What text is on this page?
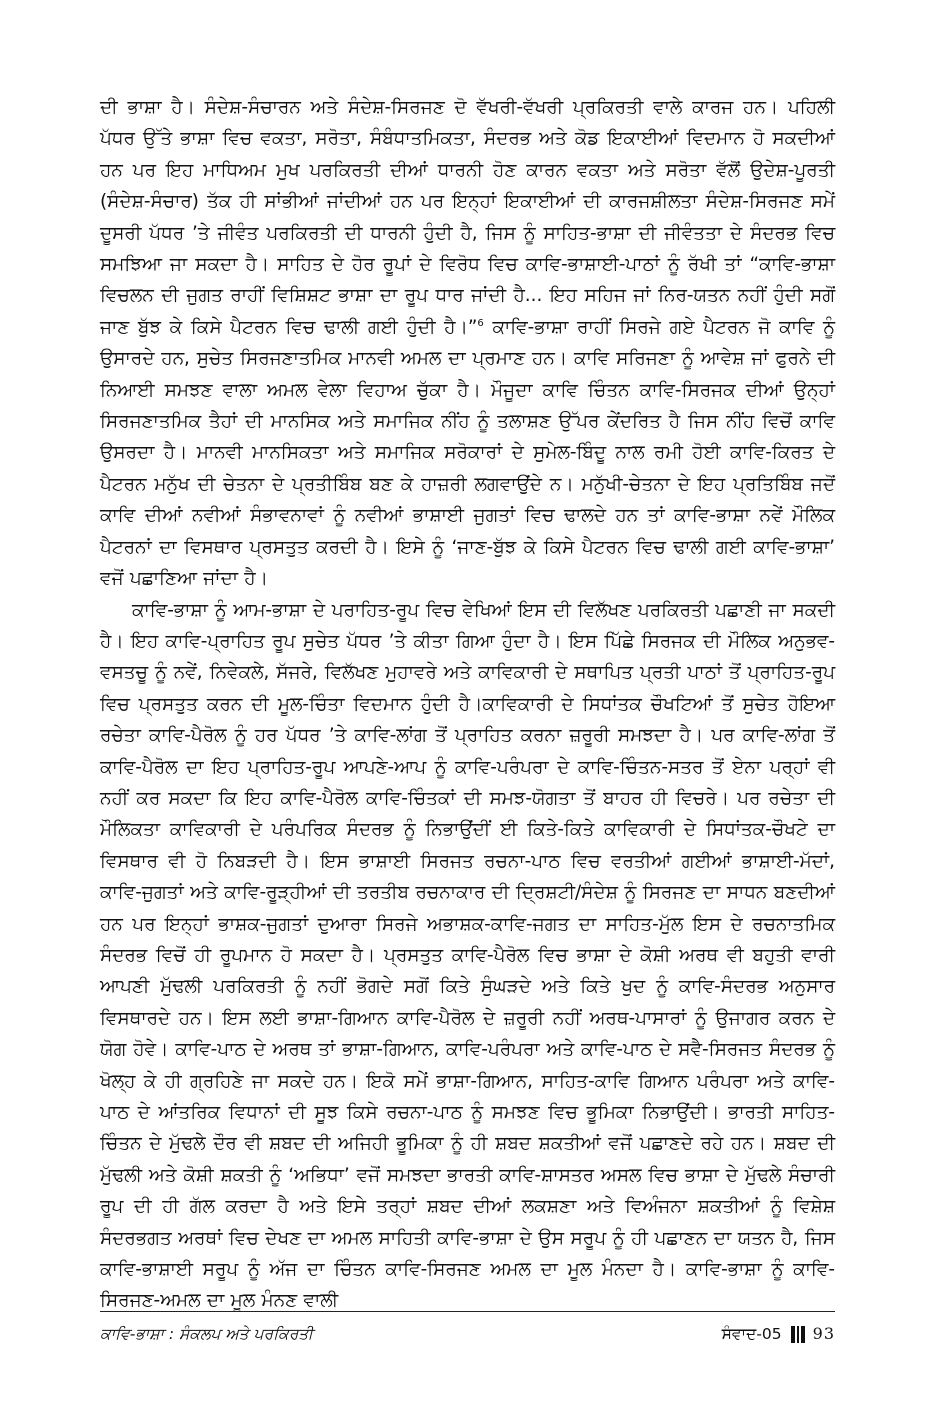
ਦੀ ਭਾਸ਼ਾ ਹੈ। ਸੰਦੇਸ਼-ਸੰਚਾਰਨ ਅਤੇ ਸੰਦੇਸ਼-ਸਿਰਜਣ ਦੋ ਵੱਖਰੀ-ਵੱਖਰੀ ਪ੍ਰਕਿਰਤੀ ਵਾਲੇ ਕਾਰਜ ਹਨ। ਪਹਿਲੀ ਪੱਧਰ ਉੱਤੇ ਭਾਸ਼ਾ ਵਿਚ ਵਕਤਾ, ਸਰੋਤਾ, ਸੰਬੰਧਾਤਮਿਕਤਾ, ਸੰਦਰਭ ਅਤੇ ਕੋਡ ਇਕਾਈਆਂ ਵਿਦਮਾਨ ਹੋ ਸਕਦੀਆਂ ਹਨ ਪਰ ਇਹ ਮਾਧਿਅਮ ਮੁਖ ਪਰਕਿਰਤੀ ਦੀਆਂ ਧਾਰਨੀ ਹੋਣ ਕਾਰਨ ਵਕਤਾ ਅਤੇ ਸਰੋਤਾ ਵੱਲੋਂ ਉਦੇਸ਼-ਪੂਰਤੀ (ਸੰਦੇਸ਼-ਸੰਚਾਰ) ਤੱਕ ਹੀ ਸਾਂਭੀਆਂ ਜਾਂਦੀਆਂ ਹਨ ਪਰ ਇਨ੍ਹਾਂ ਇਕਾਈਆਂ ਦੀ ਕਾਰਜਸ਼ੀਲਤਾ ਸੰਦੇਸ਼-ਸਿਰਜਣ ਸਮੇਂ ਦੂਸਰੀ ਪੱਧਰ ’ਤੇ ਜੀਵੰਤ ਪਰਕਿਰਤੀ ਦੀ ਧਾਰਨੀ ਹੁੰਦੀ ਹੈ, ਜਿਸ ਨੂੰ ਸਾਹਿਤ-ਭਾਸ਼ਾ ਦੀ ਜੀਵੰਤਤਾ ਦੇ ਸੰਦਰਭ ਵਿਚ ਸਮਝਿਆ ਜਾ ਸਕਦਾ ਹੈ। ਸਾਹਿਤ ਦੇ ਹੋਰ ਰੂਪਾਂ ਦੇ ਵਿਰੋਧ ਵਿਚ ਕਾਵਿ-ਭਾਸ਼ਾਈ-ਪਾਠਾਂ ਨੂੰ ਰੱਖੀ ਤਾਂ “ਕਾਵਿ-ਭਾਸ਼ਾ ਵਿਚਲਨ ਦੀ ਜੁਗਤ ਰਾਹੀਂ ਵਿਸ਼ਿਸ਼ਟ ਭਾਸ਼ਾ ਦਾ ਰੂਪ ਧਾਰ ਜਾਂਦੀ ਹੈ... ਇਹ ਸਹਿਜ ਜਾਂ ਨਿਰ-ਯਤਨ ਨਹੀਂ ਹੁੰਦੀ ਸਗੋਂ ਜਾਣ ਬੁੱਝ ਕੇ ਕਿਸੇ ਪੈਟਰਨ ਵਿਚ ਢਾਲੀ ਗਈ ਹੁੰਦੀ ਹੈ।”$^6$ ਕਾਵਿ-ਭਾਸ਼ਾ ਰਾਹੀਂ ਸਿਰਜੇ ਗਏ ਪੈਟਰਨ ਜੋ ਕਾਵਿ ਨੂੰ ਉਸਾਰਦੇ ਹਨ, ਸੁਚੇਤ ਸਿਰਜਣਾਤਮਿਕ ਮਾਨਵੀ ਅਮਲ ਦਾ ਪ੍ਰਮਾਣ ਹਨ। ਕਾਵਿ ਸਰਿਜਣਾ ਨੂੰ ਆਵੇਸ਼ ਜਾਂ ਫੁਰਨੇ ਦੀ ਨਿਆਈ ਸਮਝਣ ਵਾਲਾ ਅਮਲ ਵੇਲਾ ਵਿਹਾਅ ਚੁੱਕਾ ਹੈ। ਮੌਜੂਦਾ ਕਾਵਿ ਚਿੰਤਨ ਕਾਵਿ-ਸਿਰਜਕ ਦੀਆਂ ਉਨ੍ਹਾਂ ਸਿਰਜਣਾਤਮਿਕ ਤੈਹਾਂ ਦੀ ਮਾਨਸਿਕ ਅਤੇ ਸਮਾਜਿਕ ਨੀਂਹ ਨੂੰ ਤਲਾਸ਼ਣ ਉੱਪਰ ਕੇਂਦਰਿਤ ਹੈ ਜਿਸ ਨੀਂਹ ਵਿਚੋਂ ਕਾਵਿ ਉਸਰਦਾ ਹੈ। ਮਾਨਵੀ ਮਾਨਸਿਕਤਾ ਅਤੇ ਸਮਾਜਿਕ ਸਰੋਕਾਰਾਂ ਦੇ ਸੁਮੇਲ-ਬਿੰਦੂ ਨਾਲ ਰਮੀ ਹੋਈ ਕਾਵਿ-ਕਿਰਤ ਦੇ ਪੈਟਰਨ ਮਨੁੱਖ ਦੀ ਚੇਤਨਾ ਦੇ ਪ੍ਰਤੀਬਿੰਬ ਬਣ ਕੇ ਹਾਜ਼ਰੀ ਲਗਵਾਉਂਦੇ ਨ। ਮਨੁੱਖੀ-ਚੇਤਨਾ ਦੇ ਇਹ ਪ੍ਰਤਿਬਿੰਬ ਜਦੋਂ ਕਾਵਿ ਦੀਆਂ ਨਵੀਆਂ ਸੰਭਾਵਨਾਵਾਂ ਨੂੰ ਨਵੀਆਂ ਭਾਸ਼ਾਈ ਜੁਗਤਾਂ ਵਿਚ ਢਾਲਦੇ ਹਨ ਤਾਂ ਕਾਵਿ-ਭਾਸ਼ਾ ਨਵੇਂ ਮੌਲਿਕ ਪੈਟਰਨਾਂ ਦਾ ਵਿਸਥਾਰ ਪ੍ਰਸਤੁਤ ਕਰਦੀ ਹੈ। ਇਸੇ ਨੂੰ ‘ਜਾਣ-ਬੁੱਝ ਕੇ ਕਿਸੇ ਪੈਟਰਨ ਵਿਚ ਢਾਲੀ ਗਈ ਕਾਵਿ-ਭਾਸ਼ਾ’ ਵਜੋਂ ਪਛਾਣਿਆ ਜਾਂਦਾ ਹੈ।

ਕਾਵਿ-ਭਾਸ਼ਾ ਨੂੰ ਆਮ-ਭਾਸ਼ਾ ਦੇ ਪਰਾਹਿਤ-ਰੂਪ ਵਿਚ ਵੇਖਿਆਂ ਇਸ ਦੀ ਵਿਲੱਖਣ ਪਰਕਿਰਤੀ ਪਛਾਣੀ ਜਾ ਸਕਦੀ ਹੈ। ਇਹ ਕਾਵਿ-ਪ੍ਰਾਹਿਤ ਰੂਪ ਸੁਚੇਤ ਪੱਧਰ ’ਤੇ ਕੀਤਾ ਗਿਆ ਹੁੰਦਾ ਹੈ। ਇਸ ਪਿੱਛੇ ਸਿਰਜਕ ਦੀ ਮੌਲਿਕ ਅਨੁਭਵ-ਵਸਤਚੂ ਨੂੰ ਨਵੇਂ, ਨਿਵੇਕਲੇ, ਸੱਜਰੇ, ਵਿਲੱਖਣ ਮੁਹਾਵਰੇ ਅਤੇ ਕਾਵਿਕਾਰੀ ਦੇ ਸਥਾਪਿਤ ਪ੍ਰਤੀ ਪਾਠਾਂ ਤੋਂ ਪ੍ਰਾਹਿਤ-ਰੂਪ ਵਿਚ ਪ੍ਰਸਤੁਤ ਕਰਨ ਦੀ ਮੂਲ-ਚਿੰਤਾ ਵਿਦਮਾਨ ਹੁੰਦੀ ਹੈ।ਕਾਵਿਕਾਰੀ ਦੇ ਸਿਧਾਂਤਕ ਚੌਖਟਿਆਂ ਤੋਂ ਸੁਚੇਤ ਹੋਇਆ ਰਚੇਤਾ ਕਾਵਿ-ਪੈਰੋਲ ਨੂੰ ਹਰ ਪੱਧਰ ’ਤੇ ਕਾਵਿ-ਲਾਂਗ ਤੋਂ ਪ੍ਰਾਹਿਤ ਕਰਨਾ ਜ਼ਰੂਰੀ ਸਮਝਦਾ ਹੈ। ਪਰ ਕਾਵਿ-ਲਾਂਗ ਤੋਂ ਕਾਵਿ-ਪੈਰੋਲ ਦਾ ਇਹ ਪ੍ਰਾਹਿਤ-ਰੂਪ ਆਪਣੇ-ਆਪ ਨੂੰ ਕਾਵਿ-ਪਰੰਪਰਾ ਦੇ ਕਾਵਿ-ਚਿੰਤਨ-ਸਤਰ ਤੋਂ ਏਨਾ ਪਰ੍ਹਾਂ ਵੀ ਨਹੀਂ ਕਰ ਸਕਦਾ ਕਿ ਇਹ ਕਾਵਿ-ਪੈਰੋਲ ਕਾਵਿ-ਚਿੰਤਕਾਂ ਦੀ ਸਮਝ-ਯੋਗਤਾ ਤੋਂ ਬਾਹਰ ਹੀ ਵਿਚਰੇ। ਪਰ ਰਚੇਤਾ ਦੀ ਮੌਲਿਕਤਾ ਕਾਵਿਕਾਰੀ ਦੇ ਪਰੰਪਰਿਕ ਸੰਦਰਭ ਨੂੰ ਨਿਭਾਉਂਦੀਂ ਈ ਕਿਤੇ-ਕਿਤੇ ਕਾਵਿਕਾਰੀ ਦੇ ਸਿਧਾਂਤਕ-ਚੌਖਟੇ ਦਾ ਵਿਸਥਾਰ ਵੀ ਹੋ ਨਿਬੜਦੀ ਹੈ। ਇਸ ਭਾਸ਼ਾਈ ਸਿਰਜਤ ਰਚਨਾ-ਪਾਠ ਵਿਚ ਵਰਤੀਆਂ ਗਈਆਂ ਭਾਸ਼ਾਈ-ਮੱਦਾਂ, ਕਾਵਿ-ਜੁਗਤਾਂ ਅਤੇ ਕਾਵਿ-ਰੂੜ੍ਹੀਆਂ ਦੀ ਤਰਤੀਬ ਰਚਨਾਕਾਰ ਦੀ ਦ੍ਰਿਸ਼ਟੀ/ਸੰਦੇਸ਼ ਨੂੰ ਸਿਰਜਣ ਦਾ ਸਾਧਨ ਬਣਦੀਆਂ ਹਨ ਪਰ ਇਨ੍ਹਾਂ ਭਾਸ਼ਕ-ਜੁਗਤਾਂ ਦੁਆਰਾ ਸਿਰਜੇ ਅਭਾਸ਼ਕ-ਕਾਵਿ-ਜਗਤ ਦਾ ਸਾਹਿਤ-ਮੁੱਲ ਇਸ ਦੇ ਰਚਨਾਤਮਿਕ ਸੰਦਰਭ ਵਿਚੋਂ ਹੀ ਰੂਪਮਾਨ ਹੋ ਸਕਦਾ ਹੈ। ਪ੍ਰਸਤੁਤ ਕਾਵਿ-ਪੈਰੋਲ ਵਿਚ ਭਾਸ਼ਾ ਦੇ ਕੋਸ਼ੀ ਅਰਥ ਵੀ ਬਹੁਤੀ ਵਾਰੀ ਆਪਣੀ ਮੁੱਢਲੀ ਪਰਕਿਰਤੀ ਨੂੰ ਨਹੀਂ ਭੋਗਦੇ ਸਗੋਂ ਕਿਤੇ ਸੁੰਘੜਦੇ ਅਤੇ ਕਿਤੇ ਖੁਦ ਨੂੰ ਕਾਵਿ-ਸੰਦਰਭ ਅਨੁਸਾਰ ਵਿਸਥਾਰਦੇ ਹਨ। ਇਸ ਲਈ ਭਾਸ਼ਾ-ਗਿਆਨ ਕਾਵਿ-ਪੈਰੋਲ ਦੇ ਜ਼ਰੂਰੀ ਨਹੀਂ ਅਰਥ-ਪਾਸਾਰਾਂ ਨੂੰ ਉਜਾਗਰ ਕਰਨ ਦੇ ਯੋਗ ਹੋਵੇ। ਕਾਵਿ-ਪਾਠ ਦੇ ਅਰਥ ਤਾਂ ਭਾਸ਼ਾ-ਗਿਆਨ, ਕਾਵਿ-ਪਰੰਪਰਾ ਅਤੇ ਕਾਵਿ-ਪਾਠ ਦੇ ਸਵੈ-ਸਿਰਜਤ ਸੰਦਰਭ ਨੂੰ ਖੋਲ੍ਹ ਕੇ ਹੀ ਗ੍ਰਹਿਣੇ ਜਾ ਸਕਦੇ ਹਨ। ਇਕੋ ਸਮੇਂ ਭਾਸ਼ਾ-ਗਿਆਨ, ਸਾਹਿਤ-ਕਾਵਿ ਗਿਆਨ ਪਰੰਪਰਾ ਅਤੇ ਕਾਵਿ-ਪਾਠ ਦੇ ਆਂਤਰਿਕ ਵਿਧਾਨਾਂ ਦੀ ਸੂਝ ਕਿਸੇ ਰਚਨਾ-ਪਾਠ ਨੂੰ ਸਮਝਣ ਵਿਚ ਭੂਮਿਕਾ ਨਿਭਾਉਂਦੀ। ਭਾਰਤੀ ਸਾਹਿਤ-ਚਿੰਤਨ ਦੇ ਮੁੱਢਲੇ ਦੌਰ ਵੀ ਸ਼ਬਦ ਦੀ ਅਜਿਹੀ ਭੂਮਿਕਾ ਨੂੰ ਹੀ ਸ਼ਬਦ ਸ਼ਕਤੀਆਂ ਵਜੋਂ ਪਛਾਣਦੇ ਰਹੇ ਹਨ। ਸ਼ਬਦ ਦੀ ਮੁੱਢਲੀ ਅਤੇ ਕੋਸ਼ੀ ਸ਼ਕਤੀ ਨੂੰ ‘ਅਭਿਧਾ’ ਵਜੋਂ ਸਮਝਦਾ ਭਾਰਤੀ ਕਾਵਿ-ਸ਼ਾਸਤਰ ਅਸਲ ਵਿਚ ਭਾਸ਼ਾ ਦੇ ਮੁੱਢਲੇ ਸੰਚਾਰੀ ਰੂਪ ਦੀ ਹੀ ਗੱਲ ਕਰਦਾ ਹੈ ਅਤੇ ਇਸੇ ਤਰ੍ਹਾਂ ਸ਼ਬਦ ਦੀਆਂ ਲਕਸ਼ਣਾ ਅਤੇ ਵਿਅੰਜਨਾ ਸ਼ਕਤੀਆਂ ਨੂੰ ਵਿਸ਼ੇਸ਼ ਸੰਦਰਭਗਤ ਅਰਥਾਂ ਵਿਚ ਦੇਖਣ ਦਾ ਅਮਲ ਸਾਹਿਤੀ ਕਾਵਿ-ਭਾਸ਼ਾ ਦੇ ਉਸ ਸਰੂਪ ਨੂੰ ਹੀ ਪਛਾਣਨ ਦਾ ਯਤਨ ਹੈ, ਜਿਸ ਕਾਵਿ-ਭਾਸ਼ਾਈ ਸਰੂਪ ਨੂੰ ਅੱਜ ਦਾ ਚਿੰਤਨ ਕਾਵਿ-ਸਿਰਜਣ ਅਮਲ ਦਾ ਮੂਲ ਮੰਨਦਾ ਹੈ। ਕਾਵਿ-ਭਾਸ਼ਾ ਨੂੰ ਕਾਵਿ-ਸਿਰਜਣ-ਅਮਲ ਦਾ ਮੂਲ ਮੰਨਣ ਵਾਲੀ

ਕਾਵਿ-ਭਾਸ਼ਾ : ਸੰਕਲਪ ਅਤੇ ਪਰਕਿਰਤੀ	ਸੰਵਾਦ-05 93
